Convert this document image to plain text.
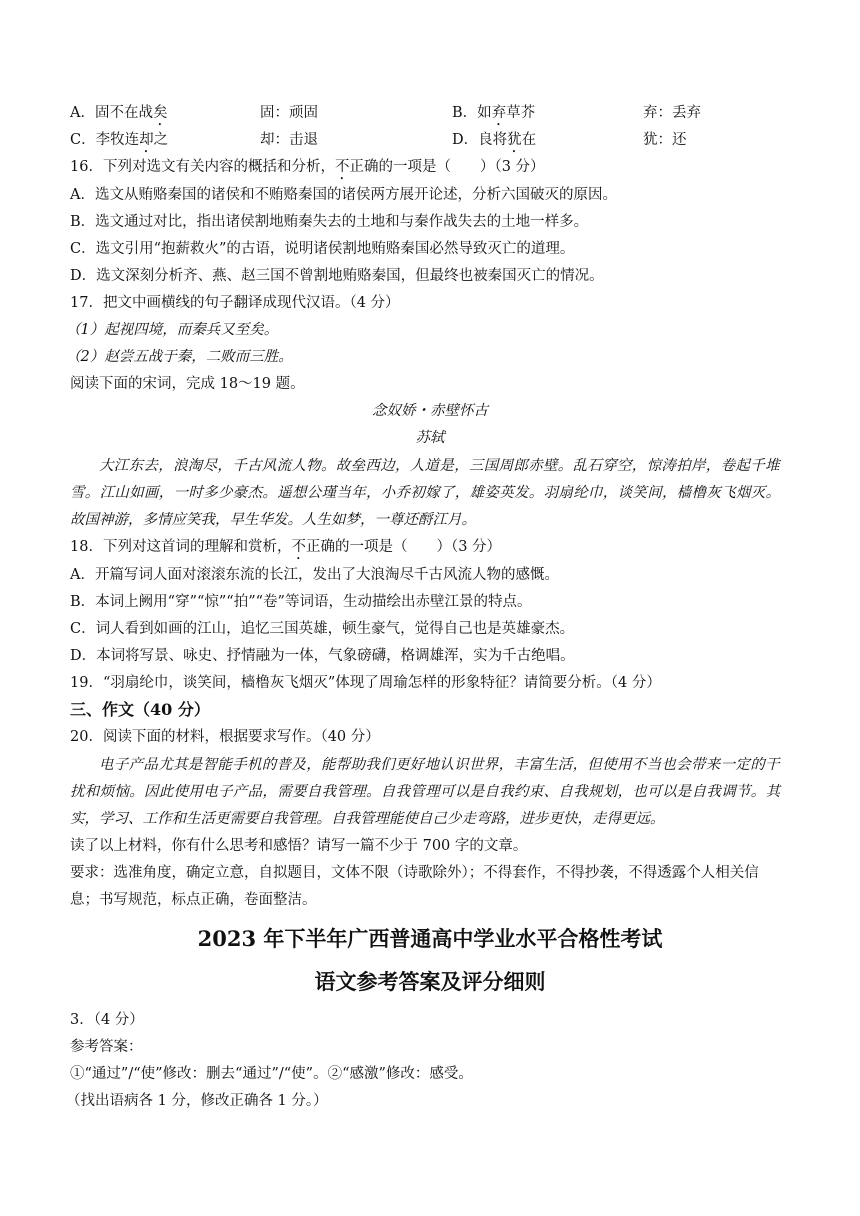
A．固不在战矣	固：顽固	B．如弃草芥	弃：丢弃
C．李牧连却之	却：击退	D．良将犹在	犹：还
16．下列对选文有关内容的概括和分析，不正确的一项是（　　）（3 分）
A．选文从贿赂秦国的诸侯和不贿赂秦国的诸侯两方展开论述，分析六国破灭的原因。
B．选文通过对比，指出诸侯割地贿秦失去的土地和与秦作战失去的土地一样多。
C．选文引用“抱薪救火”的古语，说明诸侯割地贿赂秦国必然导致灭亡的道理。
D．选文深刻分析齐、燕、赵三国不曾割地贿赂秦国，但最终也被秦国灭亡的情况。
17．把文中画横线的句子翻译成现代汉语。（4 分）
（1）起视四境，而秦兵又至矣。
（2）赵尝五战于秦，二败而三胜。
阅读下面的宋词，完成 18～19 题。
念奴娇・赤壁怀古
苏轼
大江东去，浪淘尽，千古风流人物。故垒西边，人道是，三国周郎赤壁。乱石穿空，惊涛拍岸，卷起千堆
雪。江山如画，一时多少豪杰。遥想公瑾当年，小乔初嫁了，雄姿英发。羽扇纶巾，谈笑间，樯橹灰飞烟灭。
故国神游，多情应笑我，早生华发。人生如梦，一尊还酹江月。
18．下列对这首词的理解和赏析，不正确的一项是（　　）（3 分）
A．开篇写词人面对滚滚东流的长江，发出了大浪淘尽千古风流人物的感慨。
B．本词上阙用“穿”“惊”“拍”“卷”等词语，生动描绘出赤壁江景的特点。
C．词人看到如画的江山，追忆三国英雄，顿生豪气，觉得自己也是英雄豪杰。
D．本词将写景、咏史、抒情融为一体，气象磅礴，格调雄浑，实为千古绝唱。
19．“羽扇纶巾，谈笑间，樯橹灰飞烟灭”体现了周瑜怎样的形象特征？请简要分析。（4 分）
三、作文（40 分）
20．阅读下面的材料，根据要求写作。（40 分）
电子产品尤其是智能手机的普及，能帮助我们更好地认识世界，丰富生活，但使用不当也会带来一定的干
扰和烦恼。因此使用电子产品，需要自我管理。自我管理可以是自我约束、自我规划，也可以是自我调节。其
实，学习、工作和生活更需要自我管理。自我管理能使自己少走弯路，进步更快，走得更远。
读了以上材料，你有什么思考和感悟？请写一篇不少于 700 字的文章。
要求：选准角度，确定立意，自拟题目，文体不限（诗歌除外）；不得套作，不得抄袭，不得透露个人相关信
息；书写规范，标点正确，卷面整洁。
2023 年下半年广西普通高中学业水平合格性考试
语文参考答案及评分细则
3．（4 分）
参考答案：
①“通过”/“使”修改：删去“通过”/“使”。②“感激”修改：感受。
（找出语病各 1 分，修改正确各 1 分。）
